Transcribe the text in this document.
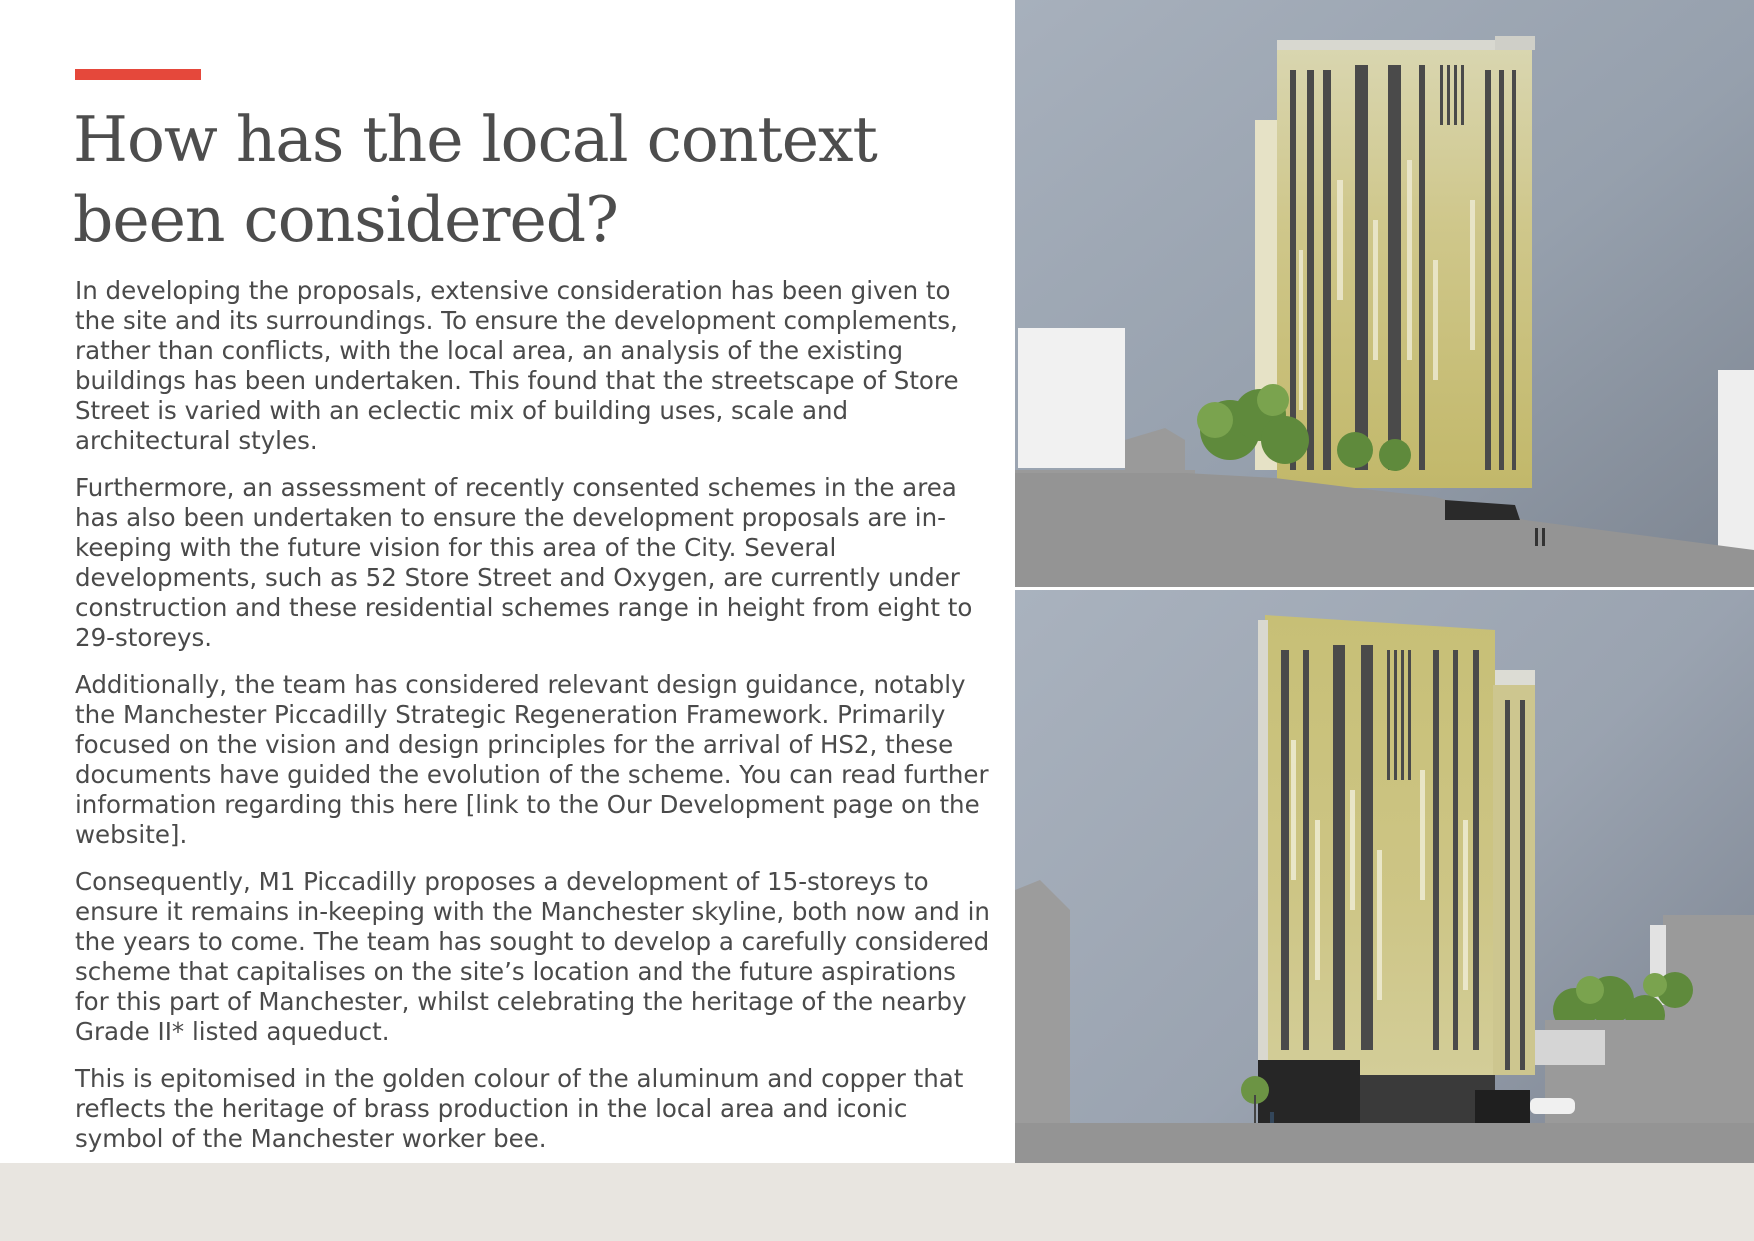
How has the local context been considered?

In developing the proposals, extensive consideration has been given to the site and its surroundings. To ensure the development complements, rather than conflicts, with the local area, an analysis of the existing buildings has been undertaken. This found that the streetscape of Store Street is varied with an eclectic mix of building uses, scale and architectural styles.

Furthermore, an assessment of recently consented schemes in the area has also been undertaken to ensure the development proposals are in-keeping with the future vision for this area of the City. Several developments, such as 52 Store Street and Oxygen, are currently under construction and these residential schemes range in height from eight to 29-storeys.

Additionally, the team has considered relevant design guidance, notably the Manchester Piccadilly Strategic Regeneration Framework. Primarily focused on the vision and design principles for the arrival of HS2, these documents have guided the evolution of the scheme. You can read further information regarding this here [link to the Our Development page on the website].

Consequently, M1 Piccadilly proposes a development of 15-storeys to ensure it remains in-keeping with the Manchester skyline, both now and in the years to come. The team has sought to develop a carefully considered scheme that capitalises on the site’s location and the future aspirations for this part of Manchester, whilst celebrating the heritage of the nearby Grade II* listed aqueduct.

This is epitomised in the golden colour of the aluminum and copper that reflects the heritage of brass production in the local area and iconic symbol of the Manchester worker bee.
